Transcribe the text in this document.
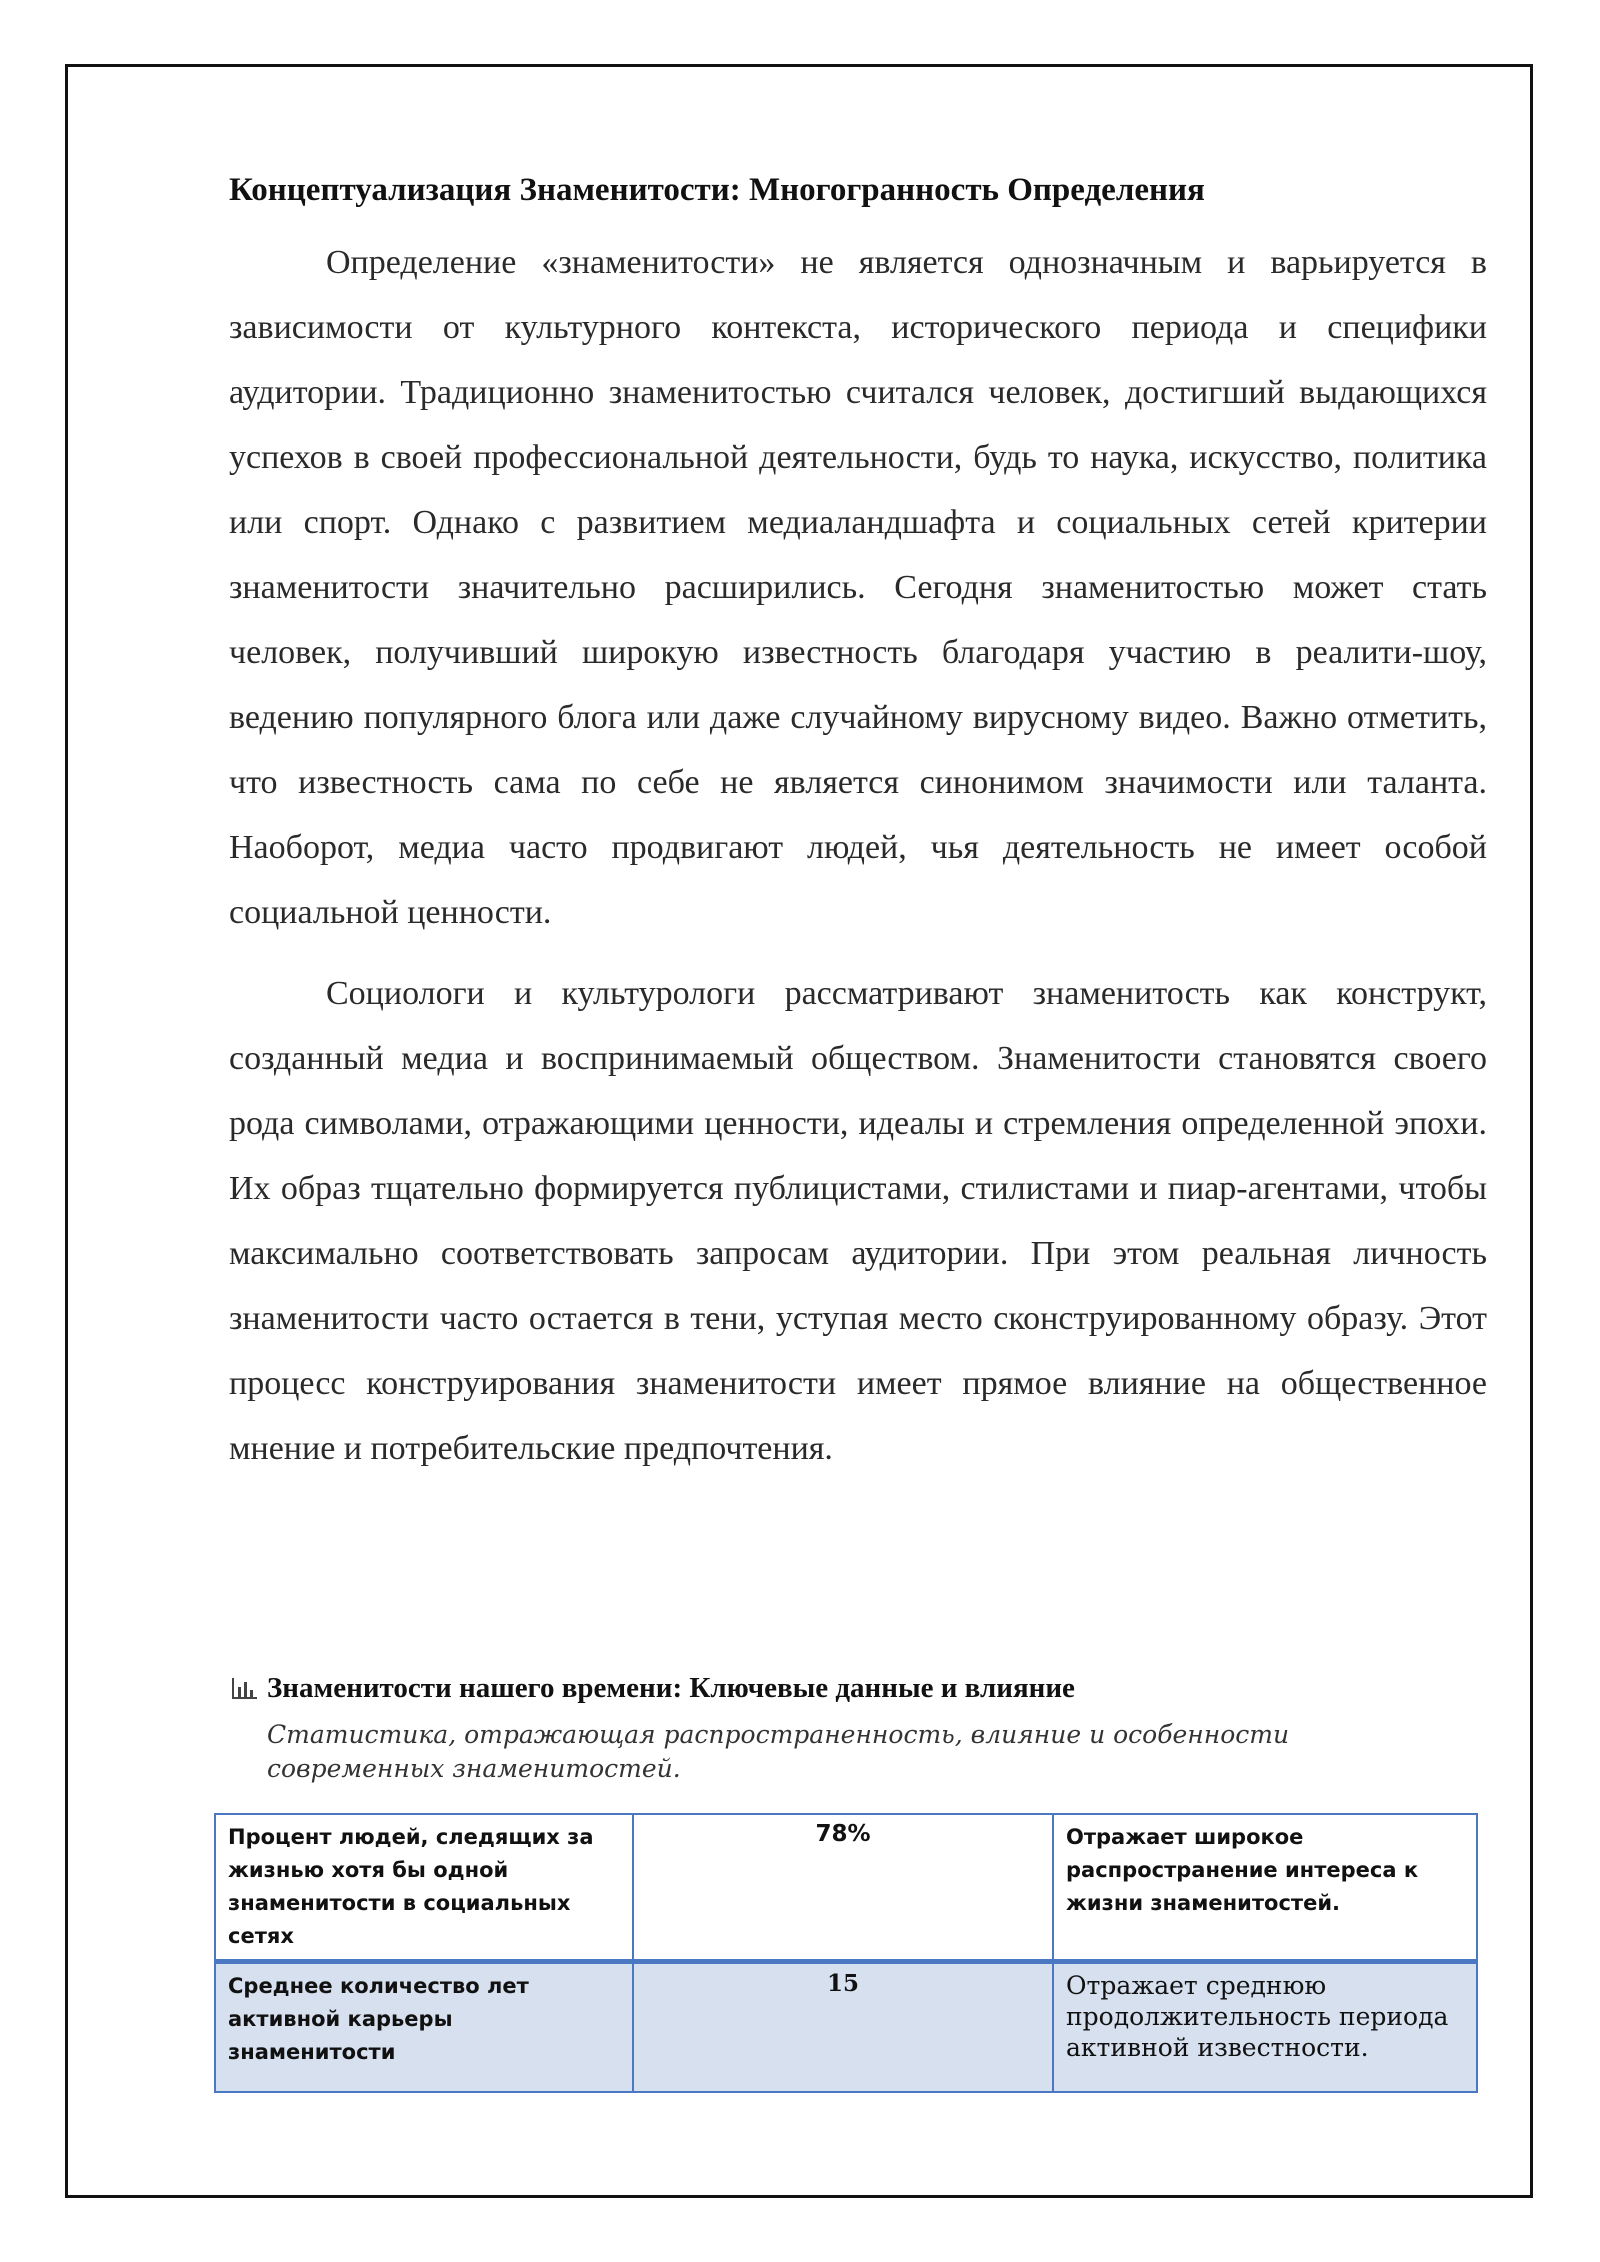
Концептуализация Знаменитости: Многогранность Определения

Определение «знаменитости» не является однозначным и варьируется в зависимости от культурного контекста, исторического периода и специфики аудитории. Традиционно знаменитостью считался человек, достигший выдающихся успехов в своей профессиональной деятельности, будь то наука, искусство, политика или спорт. Однако с развитием медиаландшафта и социальных сетей критерии знаменитости значительно расширились. Сегодня знаменитостью может стать человек, получивший широкую известность благодаря участию в реалити-шоу, ведению популярного блога или даже случайному вирусному видео. Важно отметить, что известность сама по себе не является синонимом значимости или таланта. Наоборот, медиа часто продвигают людей, чья деятельность не имеет особой социальной ценности.

Социологи и культурологи рассматривают знаменитость как конструкт, созданный медиа и воспринимаемый обществом. Знаменитости становятся своего рода символами, отражающими ценности, идеалы и стремления определенной эпохи. Их образ тщательно формируется публицистами, стилистами и пиар-агентами, чтобы максимально соответствовать запросам аудитории. При этом реальная личность знаменитости часто остается в тени, уступая место сконструированному образу. Этот процесс конструирования знаменитости имеет прямое влияние на общественное мнение и потребительские предпочтения.

Знаменитости нашего времени: Ключевые данные и влияние
Статистика, отражающая распространенность, влияние и особенности современных знаменитостей.
Процент людей, следящих за жизнью хотя бы одной знаменитости в социальных сетях	78%	Отражает широкое распространение интереса к жизни знаменитостей.

Среднее количество лет активной карьеры знаменитости	15	Отражает среднюю продолжительность периода активной известности.
